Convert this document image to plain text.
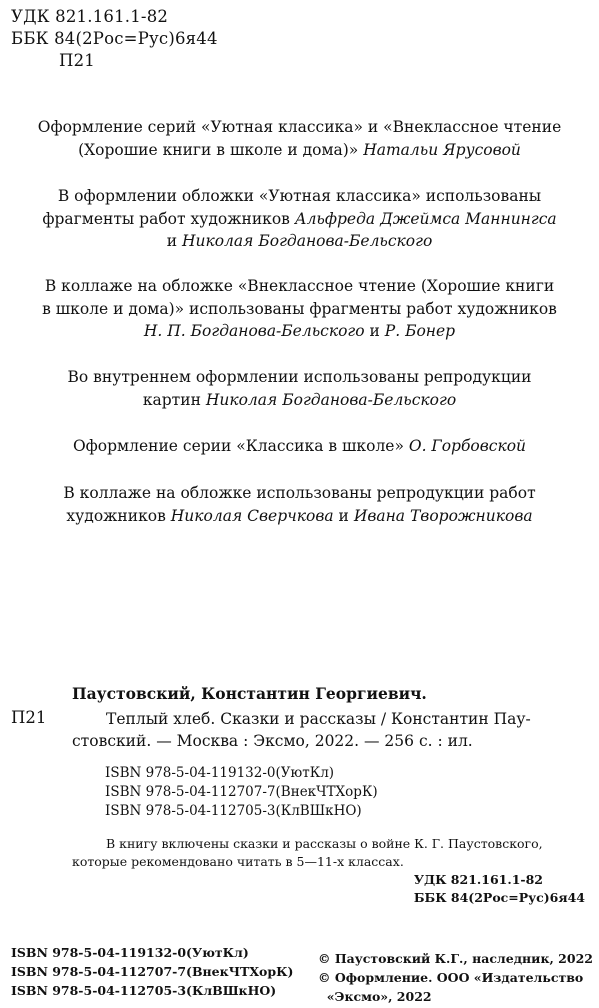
УДК 821.161.1-82
ББК 84(2Рос=Рус)6я44
П21
Оформление серий «Уютная классика» и «Внеклассное чтение
(Хорошие книги в школе и дома)» Натальи Ярусовой
В оформлении обложки «Уютная классика» использованы
фрагменты работ художников Альфреда Джеймса Маннингса
и Николая Богданова-Бельского
В коллаже на обложке «Внеклассное чтение (Хорошие книги
в школе и дома)» использованы фрагменты работ художников
Н. П. Богданова-Бельского и Р. Бонер
Во внутреннем оформлении использованы репродукции
картин Николая Богданова-Бельского
Оформление серии «Классика в школе» О. Горбовской
В коллаже на обложке использованы репродукции работ
художников Николая Сверчкова и Ивана Творожникова
Паустовский, Константин Георгиевич.
П21	Теплый хлеб. Сказки и рассказы / Константин Пау-
стовский. — Москва : Эксмо, 2022. — 256 с. : ил.
ISBN 978-5-04-119132-0(УютКл)
ISBN 978-5-04-112707-7(ВнекЧТХорК)
ISBN 978-5-04-112705-3(КлВШкНО)
В книгу включены сказки и рассказы о войне К. Г. Паустовского,
которые рекомендовано читать в 5—11-х классах.
УДК 821.161.1-82
ББК 84(2Рос=Рус)6я44
ISBN 978-5-04-119132-0(УютКл)
ISBN 978-5-04-112707-7(ВнекЧТХорК)
ISBN 978-5-04-112705-3(КлВШкНО)
© Паустовский К.Г., наследник, 2022
© Оформление. ООО «Издательство
«Эксмо», 2022
